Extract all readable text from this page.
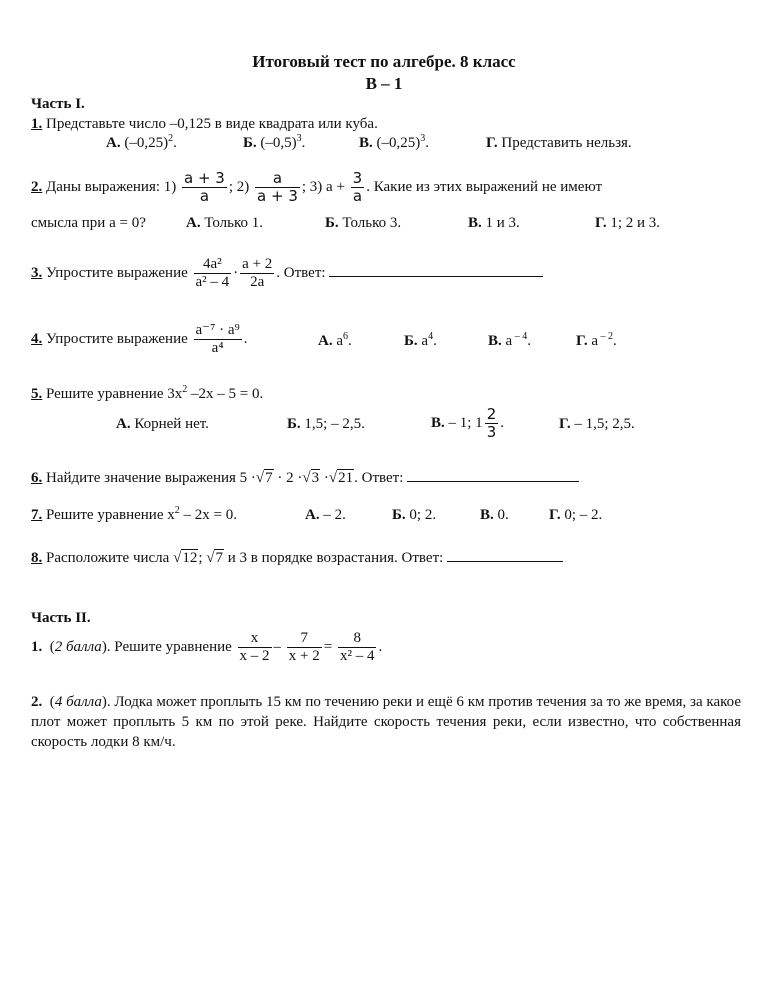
Итоговый тест по алгебре. 8 класс
В – 1
Часть I.
1. Представьте число –0,125 в виде квадрата или куба.
А. $(-0,25)^2$.	Б. $(-0,5)^3$.	В. $(-0,25)^3$.	Г. Представить нельзя.
2. Даны выражения: $1) \frac{a + 3}{a}$ ; $2) \frac{a}{a + 3}$ ; 3) $a + \frac{3}{a}$ . Какие из этих выражений не имеют
смысла при а = 0?	А. Только 1.	Б. Только 3.	В. 1 и 3.	Г. 1; 2 и 3.
3. Упростите выражение $\frac{\text{4a²}}{\text{a² – 4}} \cdot \frac{a + 2}{2a}$ . Ответ:
4. Упростите выражение $\frac{\text{a⁻⁷ · a⁹}}{\text{a⁴}}$ .	А. $a^6$.	Б. $a^4$.	В. a $^{- 4}$.	Г. a $^{- 2}$.
5. Решите уравнение $3x^2$ –2x – 5 = 0.
А. Корней нет.	Б. 1,5; – 2,5.	В. – 1; $1 \frac{2}{3}$ .	Г. – 1,5; 2,5.
6. Найдите значение выражения 5 ·√7 · 2 ·√3 ·√21. Ответ:
7. Решите уравнение $x^2 - 2x = 0$.	А. – 2.	Б. 0; 2.	В. 0.	Г. 0; – 2.
8. Расположите числа √12; √7 и 3 в порядке возрастания. Ответ:
Часть II.
1.  (2 балла). Решите уравнение $\frac{x}{x - 2} - \frac{7}{x + 2} = \frac{8}{\text{x² – 4}}$ .
2.  (4 балла). Лодка может проплыть 15 км по течению реки и ещё 6 км против течения за то же время, за какое плот может проплыть 5 км по этой реке. Найдите скорость течения реки, если известно, что собственная скорость лодки 8 км/ч.
